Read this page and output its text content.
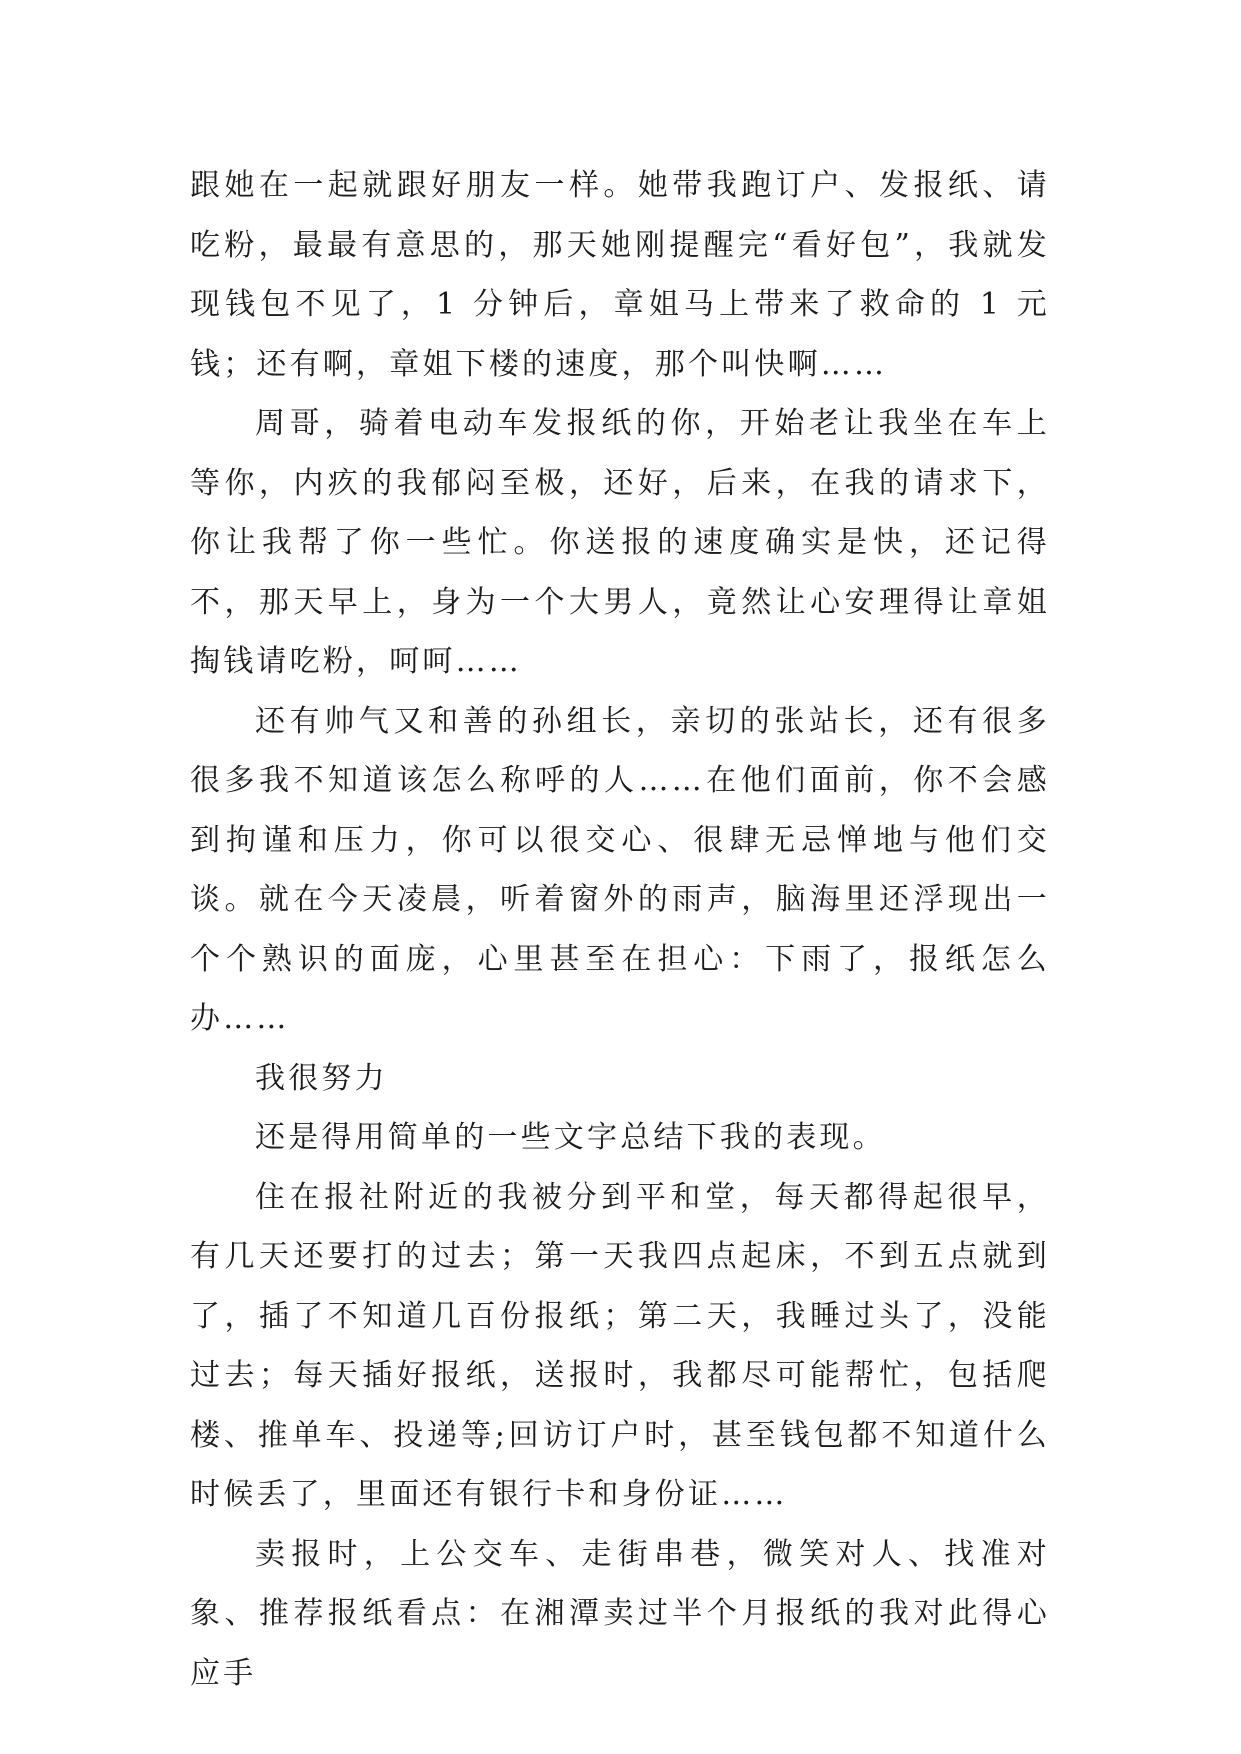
跟她在一起就跟好朋友一样。她带我跑订户、发报纸、请吃粉，最最有意思的，那天她刚提醒完“看好包”，我就发现钱包不见了，1 分钟后，章姐马上带来了救命的 1 元钱；还有啊，章姐下楼的速度，那个叫快啊……

周哥，骑着电动车发报纸的你，开始老让我坐在车上等你，内疚的我郁闷至极，还好，后来，在我的请求下，你让我帮了你一些忙。你送报的速度确实是快，还记得不，那天早上，身为一个大男人，竟然让心安理得让章姐掏钱请吃粉，呵呵……

还有帅气又和善的孙组长，亲切的张站长，还有很多很多我不知道该怎么称呼的人……在他们面前，你不会感到拘谨和压力，你可以很交心、很肆无忌惮地与他们交谈。就在今天凌晨，听着窗外的雨声，脑海里还浮现出一个个熟识的面庞，心里甚至在担心：下雨了，报纸怎么办……

我很努力

还是得用简单的一些文字总结下我的表现。

住在报社附近的我被分到平和堂，每天都得起很早，有几天还要打的过去；第一天我四点起床，不到五点就到了，插了不知道几百份报纸；第二天，我睡过头了，没能过去；每天插好报纸，送报时，我都尽可能帮忙，包括爬楼、推单车、投递等;回访订户时，甚至钱包都不知道什么时候丢了，里面还有银行卡和身份证……

卖报时，上公交车、走街串巷，微笑对人、找准对象、推荐报纸看点：在湘潭卖过半个月报纸的我对此得心应手
